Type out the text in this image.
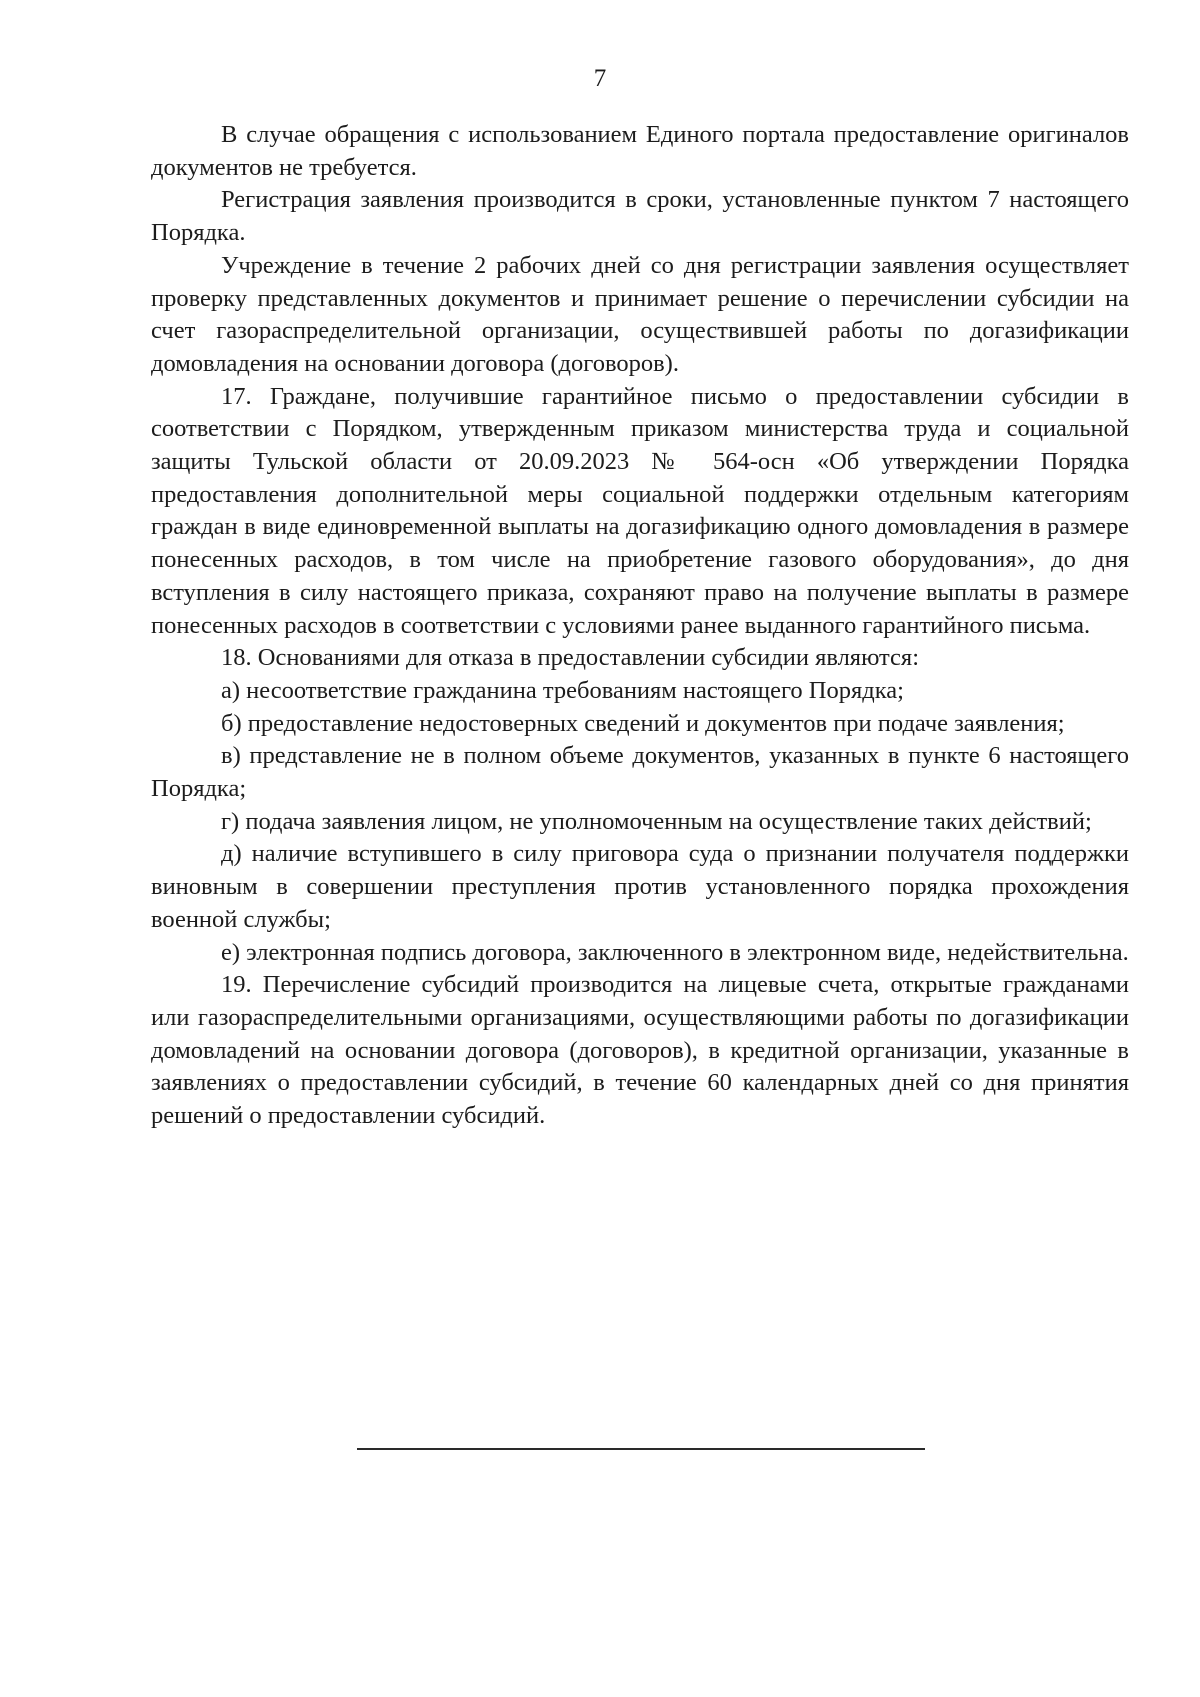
7

В случае обращения с использованием Единого портала предоставление оригиналов документов не требуется.

Регистрация заявления производится в сроки, установленные пунктом 7 настоящего Порядка.

Учреждение в течение 2 рабочих дней со дня регистрации заявления осуществляет проверку представленных документов и принимает решение о перечислении субсидии на счет газораспределительной организации, осуществившей работы по догазификации домовладения на основании договора (договоров).

17. Граждане, получившие гарантийное письмо о предоставлении субсидии в соответствии с Порядком, утвержденным приказом министерства труда и социальной защиты Тульской области от 20.09.2023 № 564-осн «Об утверждении Порядка предоставления дополнительной меры социальной поддержки отдельным категориям граждан в виде единовременной выплаты на догазификацию одного домовладения в размере понесенных расходов, в том числе на приобретение газового оборудования», до дня вступления в силу настоящего приказа, сохраняют право на получение выплаты в размере понесенных расходов в соответствии с условиями ранее выданного гарантийного письма.

18. Основаниями для отказа в предоставлении субсидии являются:

а) несоответствие гражданина требованиям настоящего Порядка;

б) предоставление недостоверных сведений и документов при подаче заявления;

в) представление не в полном объеме документов, указанных в пункте 6 настоящего Порядка;

г) подача заявления лицом, не уполномоченным на осуществление таких действий;

д) наличие вступившего в силу приговора суда о признании получателя поддержки виновным в совершении преступления против установленного порядка прохождения военной службы;

е) электронная подпись договора, заключенного в электронном виде, недействительна.

19. Перечисление субсидий производится на лицевые счета, открытые гражданами или газораспределительными организациями, осуществляющими работы по догазификации домовладений на основании договора (договоров), в кредитной организации, указанные в заявлениях о предоставлении субсидий, в течение 60 календарных дней со дня принятия решений о предоставлении субсидий.
